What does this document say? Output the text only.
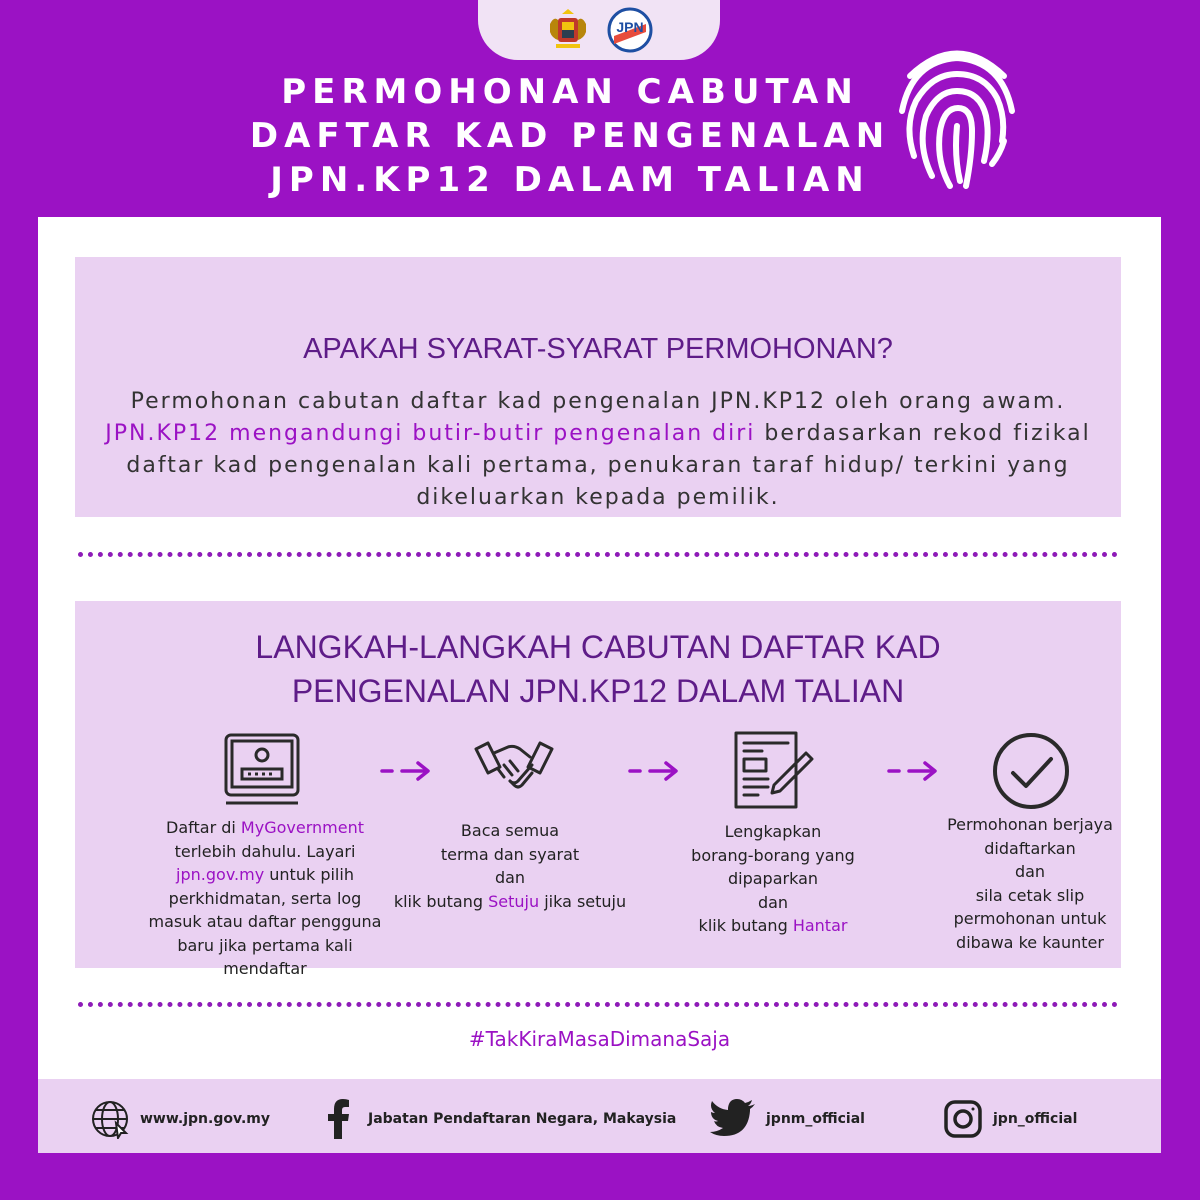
JPN
PERMOHONAN CABUTAN
DAFTAR KAD PENGENALAN
JPN.KP12 DALAM TALIAN
APAKAH SYARAT-SYARAT PERMOHONAN?

Permohonan cabutan daftar kad pengenalan JPN.KP12 oleh orang awam. JPN.KP12 mengandungi butir-butir pengenalan diri berdasarkan rekod fizikal daftar kad pengenalan kali pertama, penukaran taraf hidup/ terkini yang dikeluarkan kepada pemilik.

LANGKAH-LANGKAH CABUTAN DAFTAR KAD
PENGENALAN JPN.KP12 DALAM TALIAN
Daftar di MyGovernment
terlebih dahulu. Layari jpn.gov.my untuk pilih perkhidmatan, serta log masuk atau daftar pengguna baru jika pertama kali mendaftar
Baca semua
terma dan syarat
dan
klik butang Setuju jika setuju
Lengkapkan
borang-borang yang
dipaparkan
dan
klik butang Hantar
Permohonan berjaya
didaftarkan
dan
sila cetak slip
permohonan untuk
dibawa ke kaunter
#TakKiraMasaDimanaSaja
www.jpn.gov.my	Jabatan Pendaftaran Negara, Makaysia	jpnm_official	jpn_official
